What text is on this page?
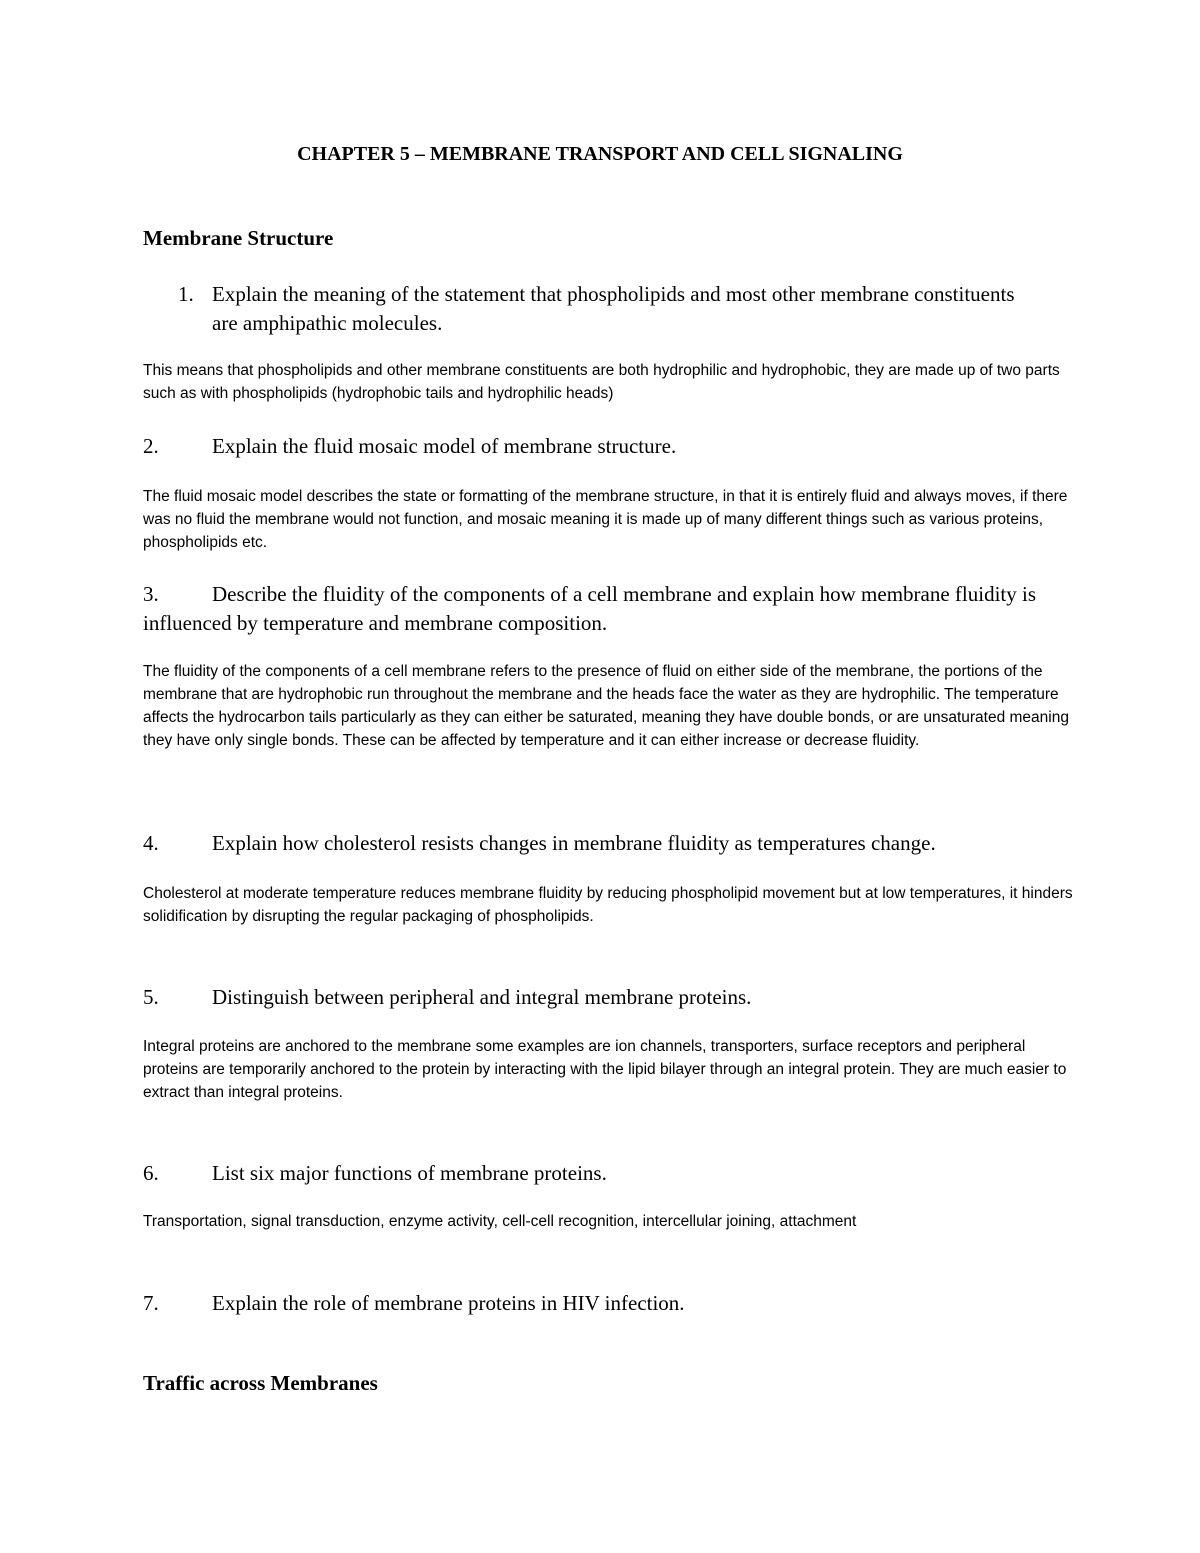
CHAPTER 5 – MEMBRANE TRANSPORT AND CELL SIGNALING
Membrane Structure
1. Explain the meaning of the statement that phospholipids and most other membrane constituents are amphipathic molecules.
This means that phospholipids and other membrane constituents are both hydrophilic and hydrophobic, they are made up of two parts such as with phospholipids (hydrophobic tails and hydrophilic heads)
2.	Explain the fluid mosaic model of membrane structure.
The fluid mosaic model describes the state or formatting of the membrane structure, in that it is entirely fluid and always moves, if there was no fluid the membrane would not function, and mosaic meaning it is made up of many different things such as various proteins, phospholipids etc.
3.	Describe the fluidity of the components of a cell membrane and explain how membrane fluidity is influenced by temperature and membrane composition.
The fluidity of the components of a cell membrane refers to the presence of fluid on either side of the membrane, the portions of the membrane that are hydrophobic run throughout the membrane and the heads face the water as they are hydrophilic. The temperature affects the hydrocarbon tails particularly as they can either be saturated, meaning they have double bonds, or are unsaturated meaning they have only single bonds. These can be affected by temperature and it can either increase or decrease fluidity.
4.	Explain how cholesterol resists changes in membrane fluidity as temperatures change.
Cholesterol at moderate temperature reduces membrane fluidity by reducing phospholipid movement but at low temperatures, it hinders solidification by disrupting the regular packaging of phospholipids.
5.	Distinguish between peripheral and integral membrane proteins.
Integral proteins are anchored to the membrane some examples are ion channels, transporters, surface receptors and peripheral proteins are temporarily anchored to the protein by interacting with the lipid bilayer through an integral protein. They are much easier to extract than integral proteins.
6.	List six major functions of membrane proteins.
Transportation, signal transduction, enzyme activity, cell-cell recognition, intercellular joining, attachment
7.	Explain the role of membrane proteins in HIV infection.
Traffic across Membranes
